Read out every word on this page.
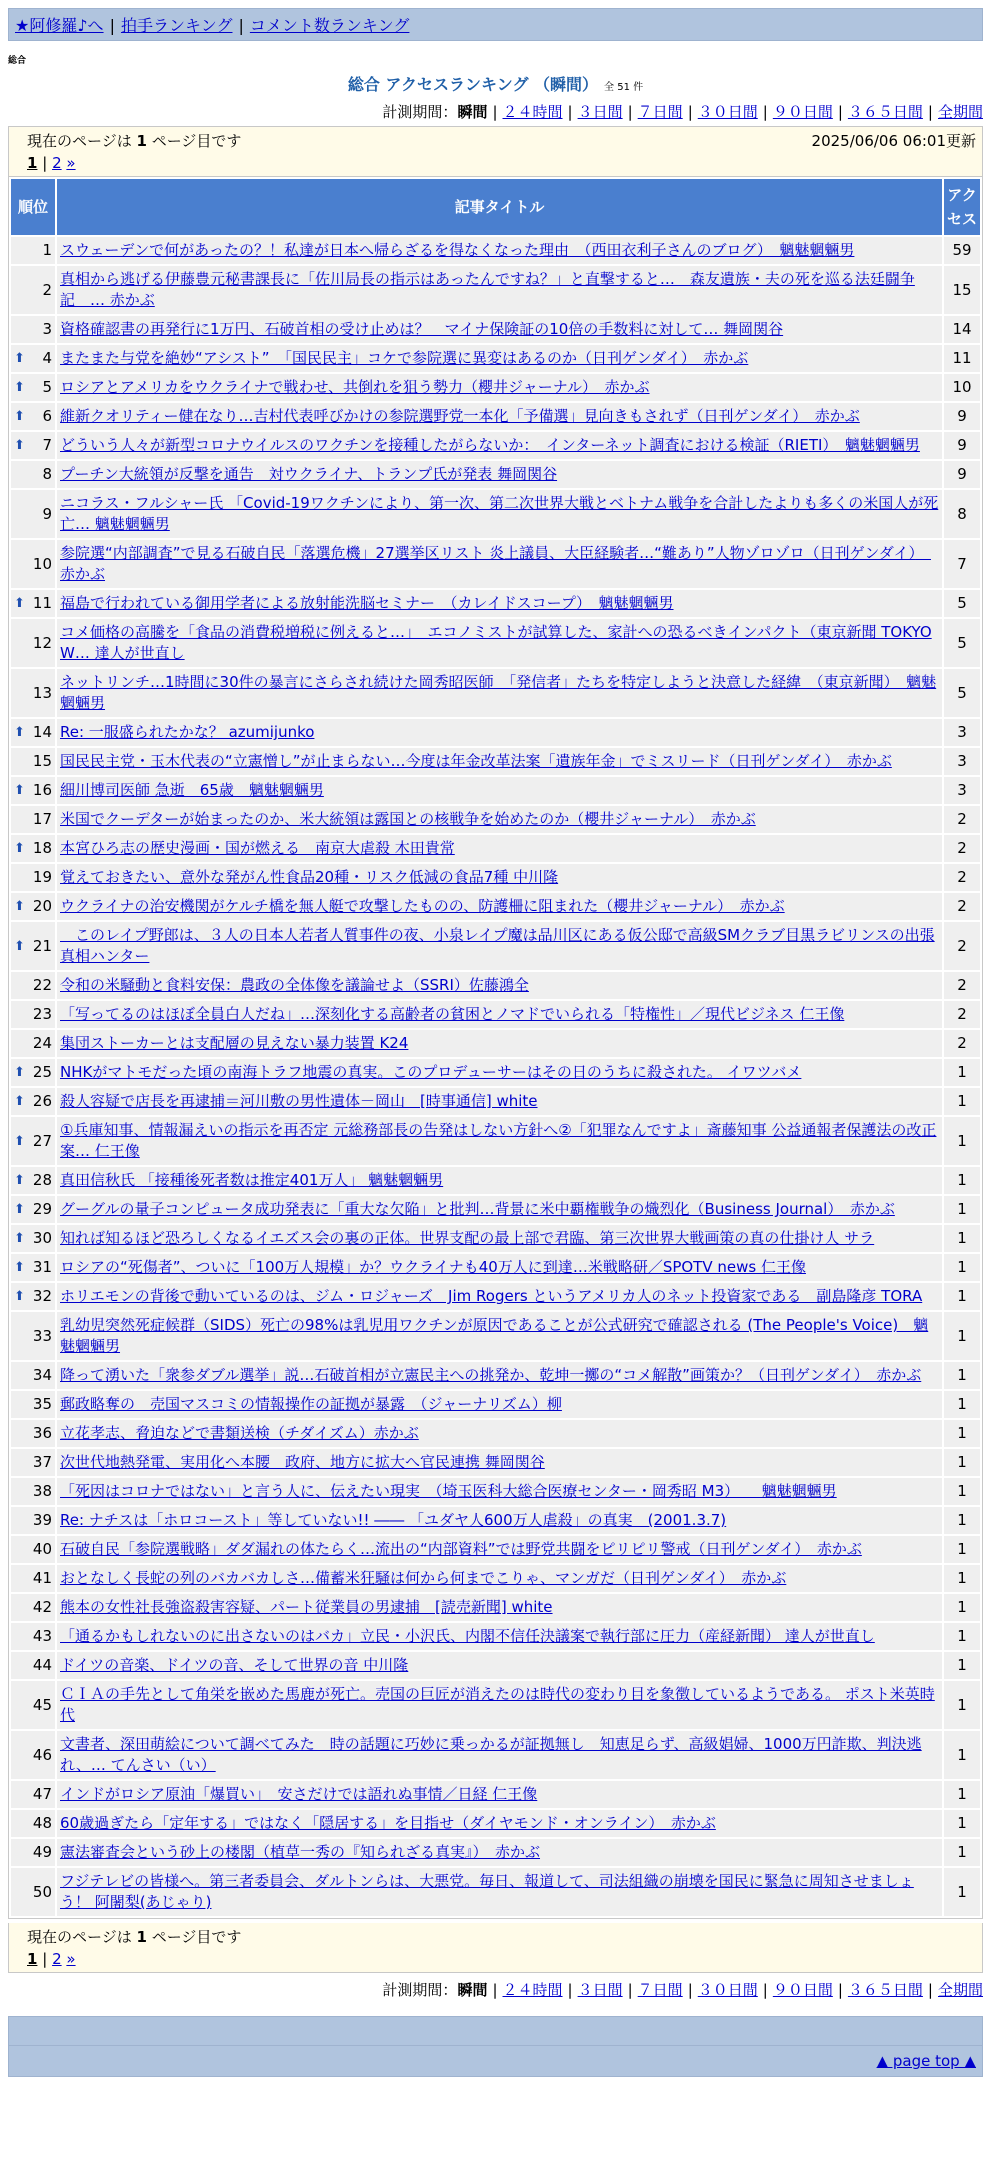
★阿修羅♪へ | 拍手ランキング | コメント数ランキング
総合
総合 アクセスランキング （瞬間） 全 51 件
計測期間：瞬間 | ２４時間 | ３日間 | ７日間 | ３０日間 | ９０日間 | ３６５日間 | 全期間
現在のページは 1 ページ目です	2025/06/06 06:01更新
1 | 2 »
順位	記事タイトル	アクセス
1	スウェーデンで何があったの？！私達が日本へ帰らざるを得なくなった理由　（西田衣利子さんのブログ）　魑魅魍魎男	59
2	真相から逃げる伊藤豊元秘書課長に「佐川局長の指示はあったんですね？」と直撃すると…　森友遺族・夫の死を巡る法廷闘争記　… 赤かぶ	15
3	資格確認書の再発行に1万円、石破首相の受け止めは？　マイナ保険証の10倍の手数料に対して… 舞岡関谷	14

⬆ 4	またまた与党を絶妙“アシスト”　「国民民主」コケで参院選に異変はあるのか（日刊ゲンダイ）　赤かぶ	11

⬆ 5	ロシアとアメリカをウクライナで戦わせ、共倒れを狙う勢力（櫻井ジャーナル）　赤かぶ	10

⬆ 6	維新クオリティー健在なり…吉村代表呼びかけの参院選野党一本化「予備選」見向きもされず（日刊ゲンダイ）　赤かぶ	9

⬆ 7	どういう人々が新型コロナウイルスのワクチンを接種したがらないか：　インターネット調査における検証（RIETI）　魑魅魍魎男	9
8	プーチン大統領が反撃を通告　対ウクライナ、トランプ氏が発表 舞岡関谷	9
9	ニコラス・フルシャー氏 「Covid-19ワクチンにより、第一次、第二次世界大戦とベトナム戦争を合計したよりも多くの米国人が死亡… 魑魅魍魎男	8
10	参院選“内部調査”で見る石破自民「落選危機」27選挙区リスト 炎上議員、大臣経験者…“難あり”人物ゾロゾロ（日刊ゲンダイ）　赤かぶ	7

⬆ 11	福島で行われている御用学者による放射能洗脳セミナー　（カレイドスコープ）　魑魅魍魎男	5
12	コメ価格の高騰を「食品の消費税増税に例えると…」　エコノミストが試算した、家計への恐るべきインパクト（東京新聞 TOKYO W… 達人が世直し	5
13	ネットリンチ…1時間に30件の暴言にさらされ続けた岡秀昭医師　「発信者」たちを特定しようと決意した経緯　（東京新聞）　魑魅魍魎男	5

⬆ 14	Re: 一服盛られたかな？ azumijunko	3
15	国民民主党・玉木代表の“立憲憎し”が止まらない…今度は年金改革法案「遺族年金」でミスリード（日刊ゲンダイ）　赤かぶ	3

⬆ 16	細川博司医師 急逝　65歳　魑魅魍魎男	3
17	米国でクーデターが始まったのか、米大統領は露国との核戦争を始めたのか（櫻井ジャーナル）　赤かぶ	2

⬆ 18	本宮ひろ志の歴史漫画・国が燃える　南京大虐殺 木田貴常	2
19	覚えておきたい、意外な発がん性食品20種・リスク低減の食品7種 中川隆	2

⬆ 20	ウクライナの治安機関がケルチ橋を無人艇で攻撃したものの、防護柵に阻まれた（櫻井ジャーナル）　赤かぶ	2

⬆ 21	　このレイプ野郎は、３人の日本人若者人質事件の夜、小泉レイプ魔は品川区にある仮公邸で高級SMクラブ目黒ラビリンスの出張 真相ハンター	2
22	令和の米騒動と食料安保：農政の全体像を議論せよ（SSRI）佐藤鴻全	2
23	「写ってるのはほぼ全員白人だね」…深刻化する高齢者の貧困とノマドでいられる「特権性」／現代ビジネス 仁王像	2
24	集団ストーカーとは支配層の見えない暴力装置 K24	2

⬆ 25	NHKがマトモだった頃の南海トラフ地震の真実。このプロデューサーはその日のうちに殺された。 イワツバメ	1

⬆ 26	殺人容疑で店長を再逮捕＝河川敷の男性遺体－岡山　[時事通信] white	1

⬆ 27	①兵庫知事、情報漏えいの指示を再否定 元総務部長の告発はしない方針へ②「犯罪なんですよ」斎藤知事 公益通報者保護法の改正案… 仁王像	1

⬆ 28	真田信秋氏 「接種後死者数は推定401万人」 魑魅魍魎男	1

⬆ 29	グーグルの量子コンピュータ成功発表に「重大な欠陥」と批判…背景に米中覇権戦争の熾烈化（Business Journal）　赤かぶ	1

⬆ 30	知れば知るほど恐ろしくなるイエズス会の裏の正体。世界支配の最上部で君臨、第三次世界大戦画策の真の仕掛け人 サラ	1

⬆ 31	ロシアの“死傷者”、ついに「100万人規模」か？ウクライナも40万人に到達…米戦略研／SPOTV news 仁王像	1

⬆ 32	ホリエモンの背後で動いているのは、ジム・ロジャーズ　Jim Rogers というアメリカ人のネット投資家である　副島隆彦 TORA	1
33	乳幼児突然死症候群（SIDS）死亡の98%は乳児用ワクチンが原因であることが公式研究で確認される (The People's Voice)　魑魅魍魎男	1
34	降って湧いた「衆参ダブル選挙」説…石破首相が立憲民主への挑発か、乾坤一擲の“コメ解散”画策か？（日刊ゲンダイ）　赤かぶ	1
35	郵政略奪の　売国マスコミの情報操作の証拠が暴露　（ジャーナリズム）柳	1
36	立花孝志、脅迫などで書類送検（チダイズム）赤かぶ	1
37	次世代地熱発電、実用化へ本腰　政府、地方に拡大へ官民連携 舞岡関谷	1
38	「死因はコロナではない」と言う人に、伝えたい現実　（埼玉医科大総合医療センター・岡秀昭 M3）　　魑魅魍魎男	1
39	Re: ナチスは「ホロコースト」等していない!! ―― 「ユダヤ人600万人虐殺」の真実　(2001.3.7)	1
40	石破自民「参院選戦略」ダダ漏れの体たらく…流出の“内部資料”では野党共闘をピリピリ警戒（日刊ゲンダイ）　赤かぶ	1
41	おとなしく長蛇の列のバカバカしさ…備蓄米狂騒は何から何までこりゃ、マンガだ（日刊ゲンダイ）　赤かぶ	1
42	熊本の女性社長強盗殺害容疑、パート従業員の男逮捕　[読売新聞] white	1
43	「通るかもしれないのに出さないのはバカ」立民・小沢氏、内閣不信任決議案で執行部に圧力（産経新聞） 達人が世直し	1
44	ドイツの音楽、ドイツの音、そして世界の音 中川隆	1
45	ＣＩＡの手先として角栄を嵌めた馬鹿が死亡。売国の巨匠が消えたのは時代の変わり目を象徴しているようである。 ポスト米英時代	1
46	文書者、深田萌絵について調べてみた　時の話題に巧妙に乗っかるが証拠無し　知恵足らず、高級娼婦、1000万円詐欺、判決逃れ、… てんさい（い）	1
47	インドがロシア原油「爆買い」　安さだけでは語れぬ事情／日経 仁王像	1
48	60歳過ぎたら「定年する」ではなく「隠居する」を目指せ（ダイヤモンド・オンライン）　赤かぶ	1
49	憲法審査会という砂上の楼閣（植草一秀の『知られざる真実』）　赤かぶ	1
50	フジテレビの皆様へ。第三者委員会、ダルトンらは、大悪党。毎日、報道して、司法組織の崩壊を国民に緊急に周知させましょう！ 阿闍梨(あじゃり)	1
現在のページは 1 ページ目です
1 | 2 »
計測期間：瞬間 | ２４時間 | ３日間 | ７日間 | ３０日間 | ９０日間 | ３６５日間 | 全期間
▲ page top ▲
